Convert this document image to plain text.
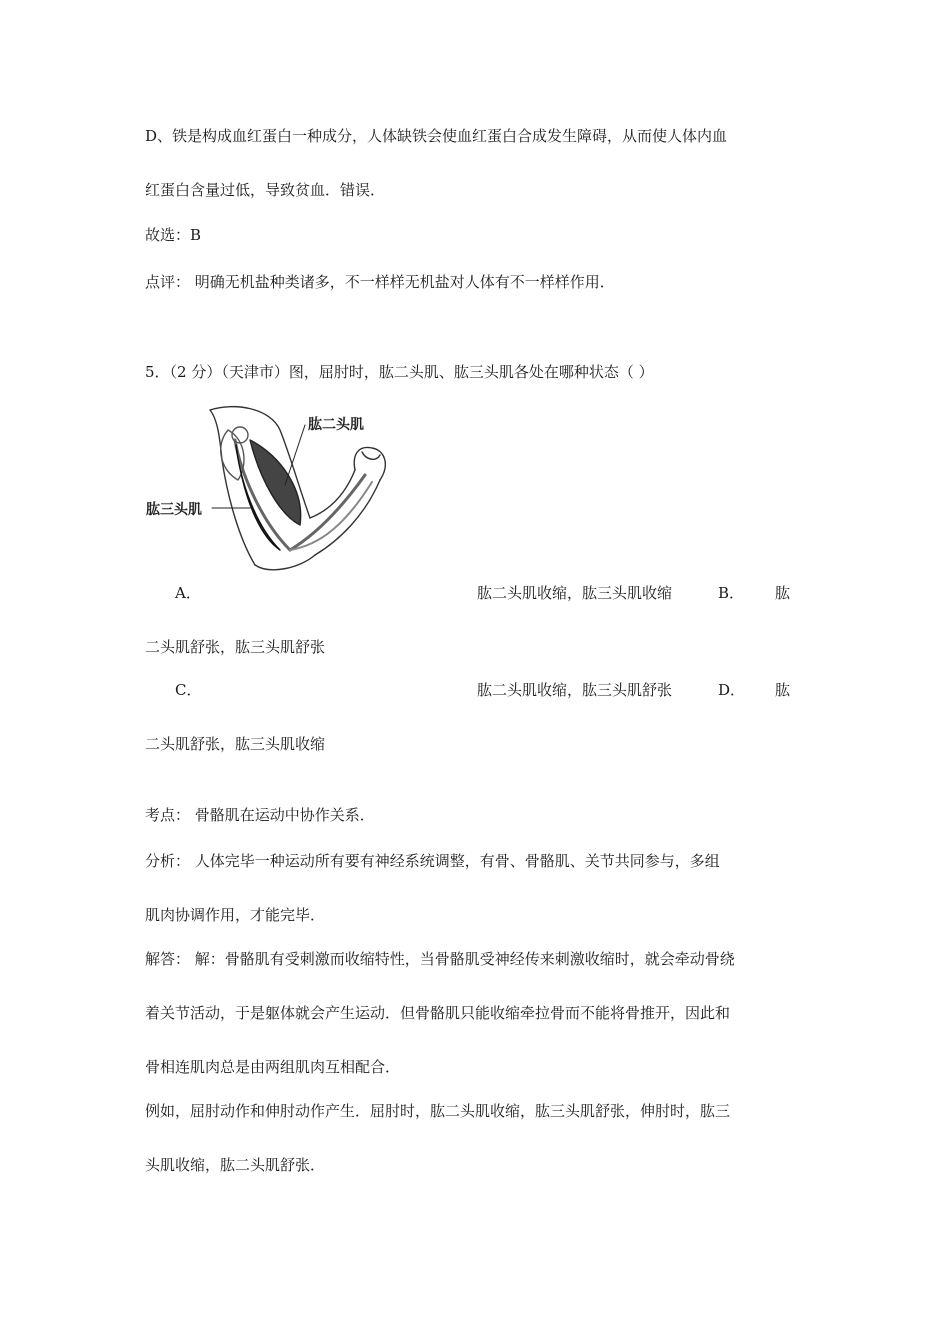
D、铁是构成血红蛋白一种成分，人体缺铁会使血红蛋白合成发生障碍，从而使人体内血
红蛋白含量过低，导致贫血．错误．
故选：B
点评： 明确无机盐种类诸多，不一样样无机盐对人体有不一样样作用．
5．（2 分）（天津市）图，屈肘时，肱二头肌、肱三头肌各处在哪种状态（ ）
肱二头肌
肱三头肌
A．	肱二头肌收缩，肱三头肌收缩	B． 肱
二头肌舒张，肱三头肌舒张
C．	肱二头肌收缩，肱三头肌舒张	D． 肱
二头肌舒张，肱三头肌收缩
考点： 骨骼肌在运动中协作关系．
分析： 人体完毕一种运动所有要有神经系统调整，有骨、骨骼肌、关节共同参与，多组
肌肉协调作用，才能完毕．
解答： 解：骨骼肌有受刺激而收缩特性，当骨骼肌受神经传来刺激收缩时，就会牵动骨绕
着关节活动，于是躯体就会产生运动．但骨骼肌只能收缩牵拉骨而不能将骨推开，因此和
骨相连肌肉总是由两组肌肉互相配合．
例如，屈肘动作和伸肘动作产生．屈肘时，肱二头肌收缩，肱三头肌舒张，伸肘时，肱三
头肌收缩，肱二头肌舒张．
